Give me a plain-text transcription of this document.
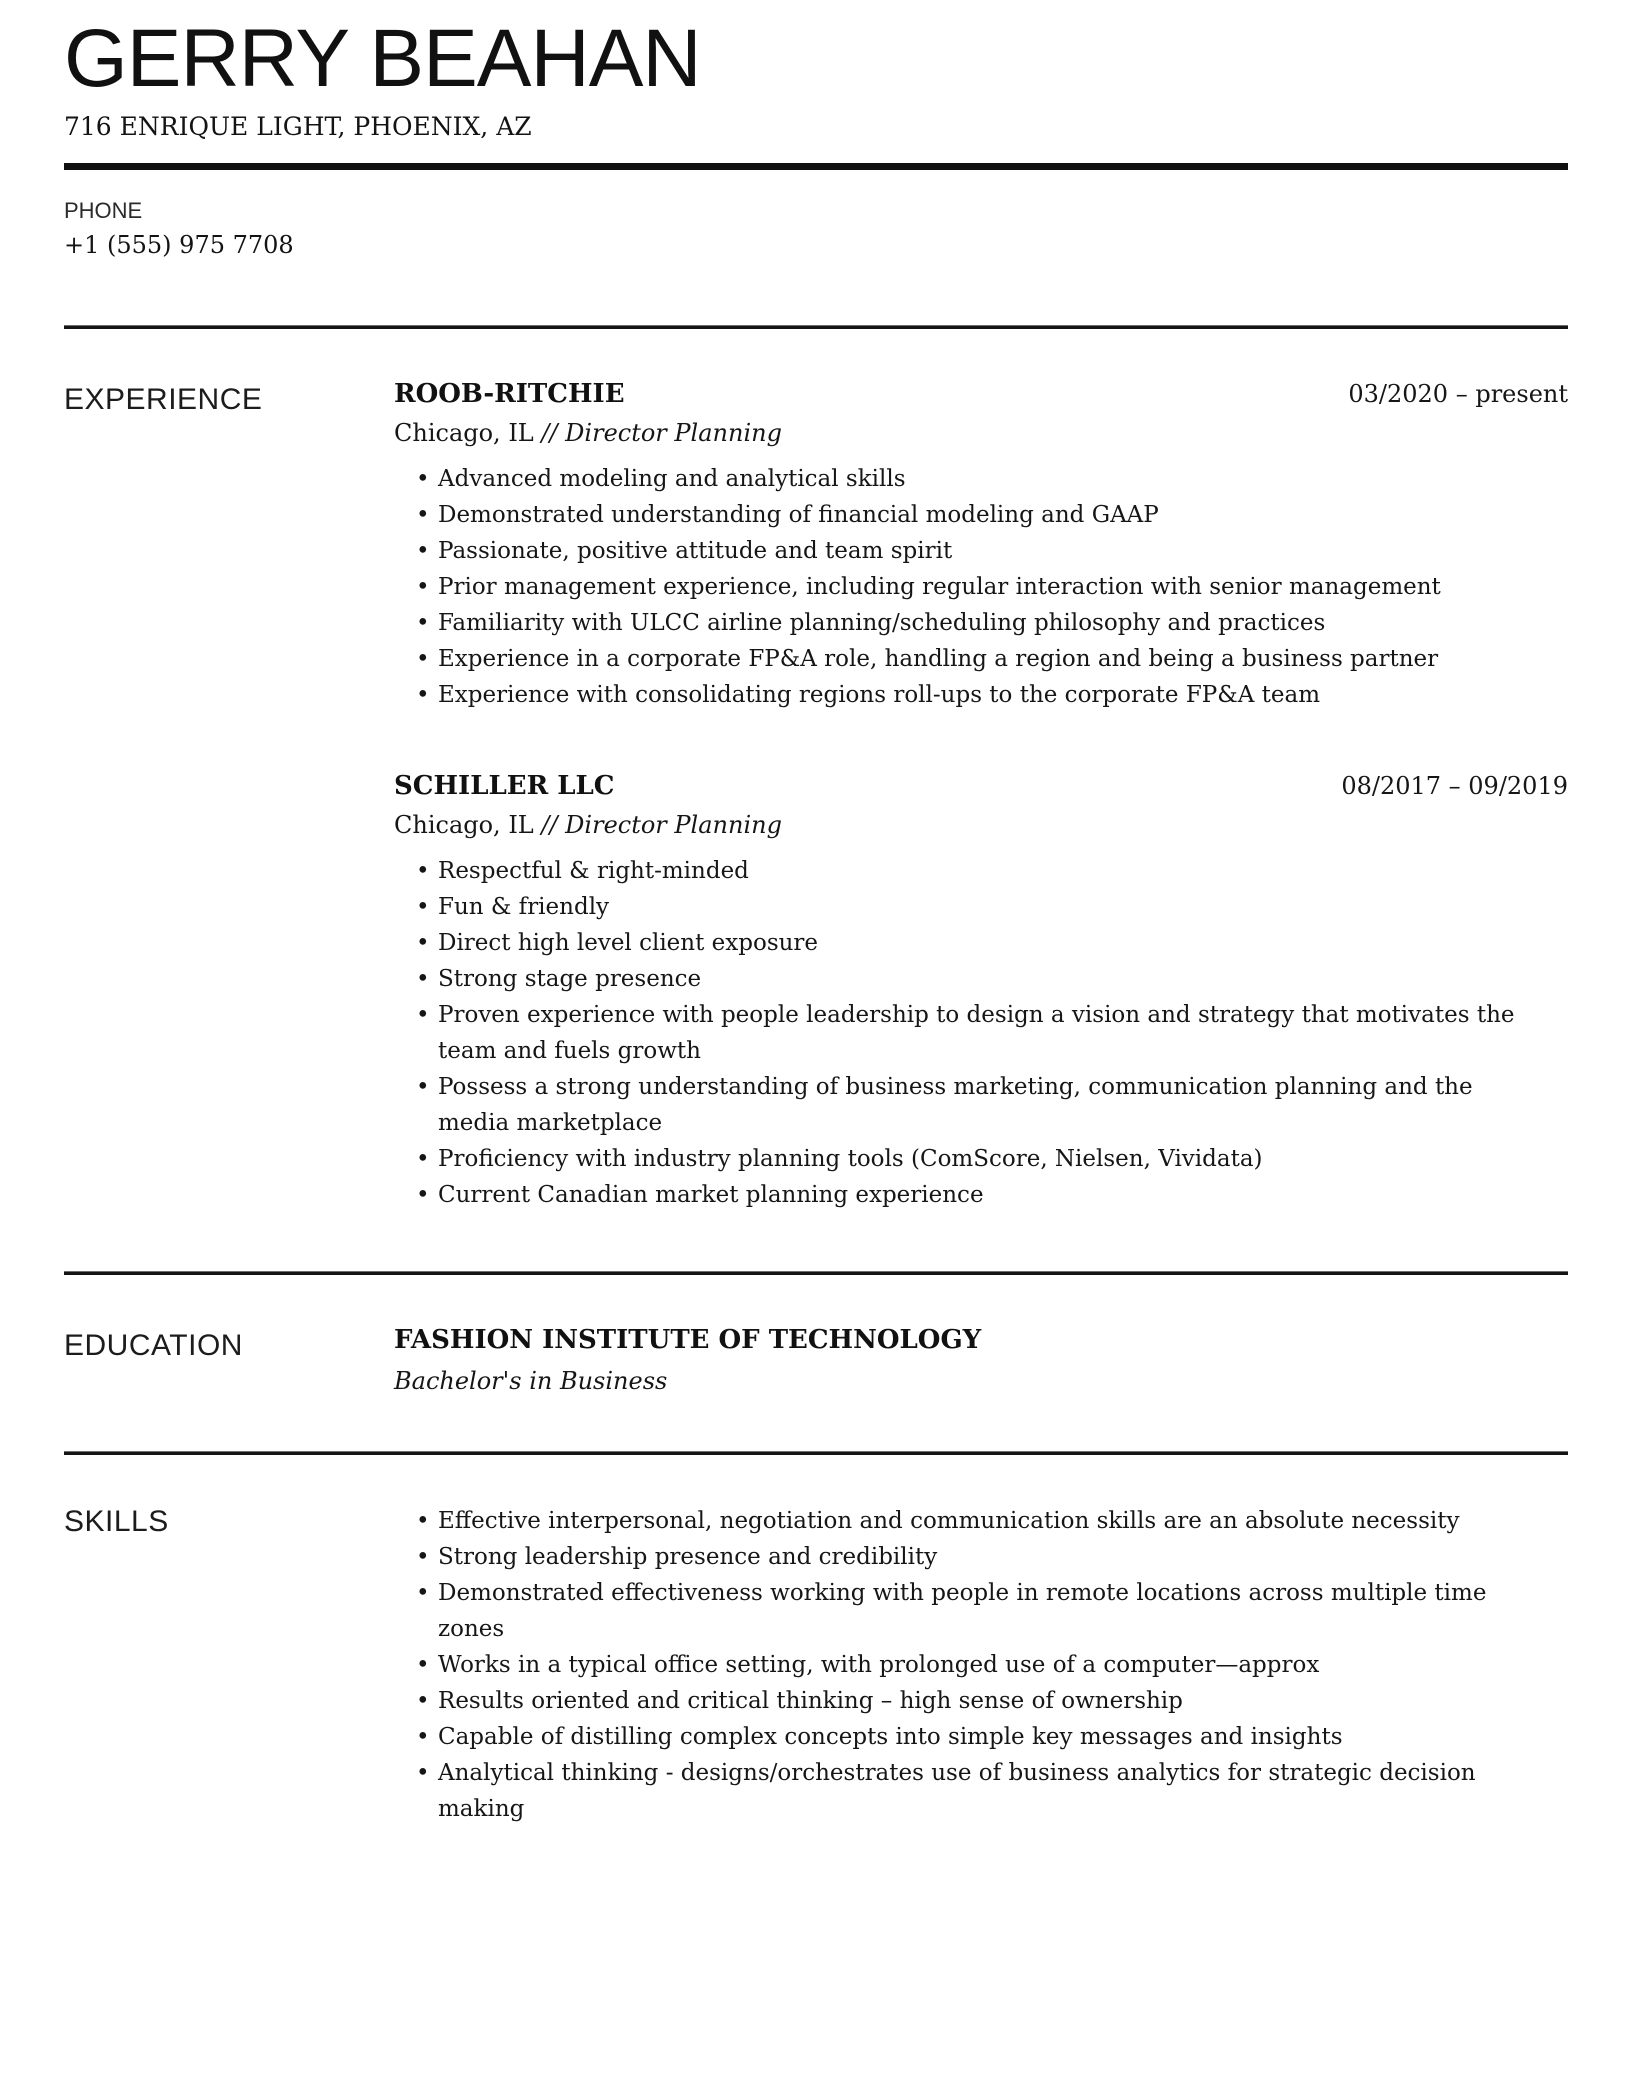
GERRY BEAHAN
716 ENRIQUE LIGHT, PHOENIX, AZ
PHONE
+1 (555) 975 7708
EXPERIENCE	ROOB-RITCHIE	03/2020 – present
Chicago, IL // Director Planning
• Advanced modeling and analytical skills
• Demonstrated understanding of financial modeling and GAAP
• Passionate, positive attitude and team spirit
• Prior management experience, including regular interaction with senior management
• Familiarity with ULCC airline planning/scheduling philosophy and practices
• Experience in a corporate FP&A role, handling a region and being a business partner
• Experience with consolidating regions roll-ups to the corporate FP&A team
SCHILLER LLC	08/2017 – 09/2019
Chicago, IL // Director Planning
• Respectful & right-minded
• Fun & friendly
• Direct high level client exposure
• Strong stage presence
• Proven experience with people leadership to design a vision and strategy that motivates the team and fuels growth
• Possess a strong understanding of business marketing, communication planning and the media marketplace
• Proficiency with industry planning tools (ComScore, Nielsen, Vividata)
• Current Canadian market planning experience
EDUCATION	FASHION INSTITUTE OF TECHNOLOGY
Bachelor's in Business
SKILLS	• Effective interpersonal, negotiation and communication skills are an absolute necessity
• Strong leadership presence and credibility
• Demonstrated effectiveness working with people in remote locations across multiple time zones
• Works in a typical office setting, with prolonged use of a computer—approx
• Results oriented and critical thinking – high sense of ownership
• Capable of distilling complex concepts into simple key messages and insights
• Analytical thinking - designs/orchestrates use of business analytics for strategic decision making
